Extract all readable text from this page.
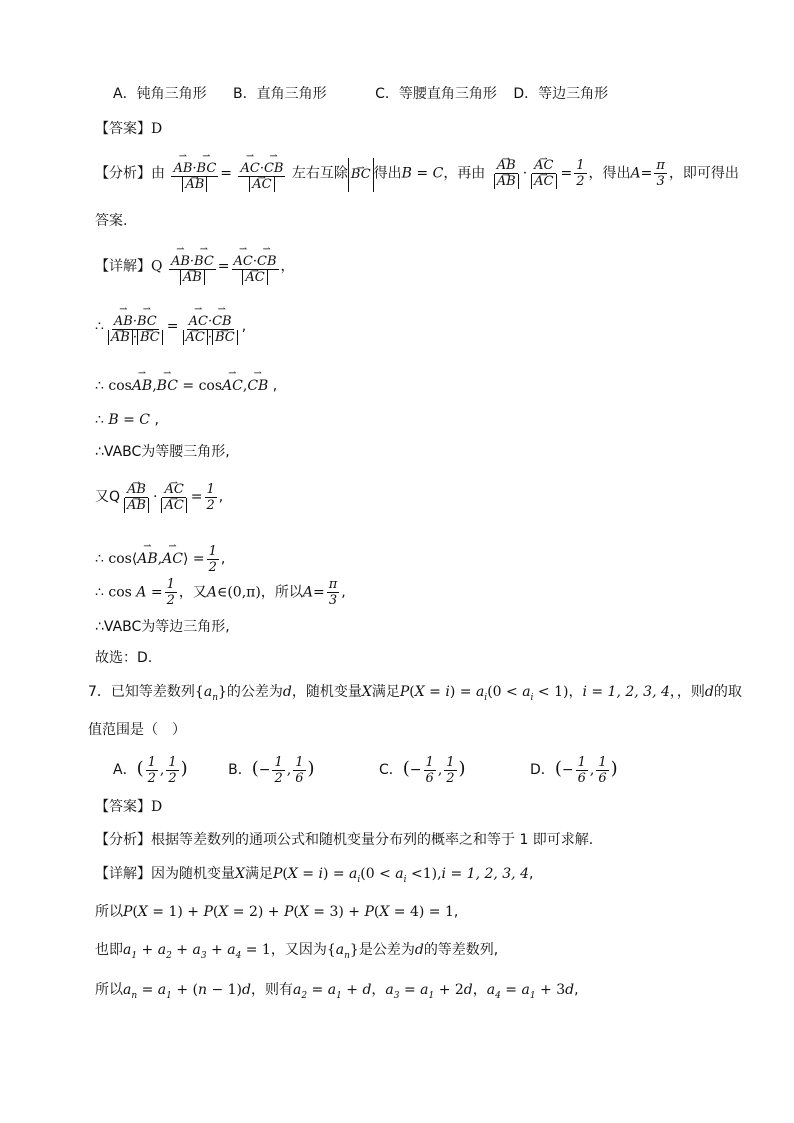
A．钝角三角形 B．直角三角形	C．等腰直角三角形 D．等边三角形
【答案】D
【分析】由 ⇀ AB·⇀ BC
⇀ AB = ⇀ AC·⇀ CB
⇀ AC 左右互除 ⇀ BC 得出B = C，再由 ⇀ AB
⇀ AB · ⇀ AC
⇀ AC = $\frac{1}{2}$ ，得出$A= \frac{\pi}{3}$ ，即可得出
答案.
【详解】Q ⇀ AB·⇀ BC
⇀ AB = ⇀ AC·⇀ CB
⇀ AC ，
∴ ⇀ AB·⇀ BC
⇀ AB · ⇀ BC = ⇀ AC·⇀ CB
⇀ AC · ⇀ BC ,
∴ cos⇀ AB,⇀ BC = cos⇀ AC,⇀ CB ,
∴ B = C ,
∴VABC为等腰三角形,
又Q ⇀ AB
⇀ AB · ⇀ AC
⇀ AC = $\frac{1}{2}$ ,
∴ cos⟨⇀ AB,⇀ AC⟩ = $\frac{1}{2}$ ,
∴ $\cos A = \frac{1}{2}$ ，又A∈(0,π)，所以$A= \frac{\pi}{3}$ ,
∴VABC为等边三角形,
故选：D.
7．已知等差数列$\{a_n\}$的公差为d，随机变量X满足$P(X = i) = a_i(0 < a_i < 1)$，i = 1, 2, 3, 4，，则d的取
值范围是（　）
A．( $\frac{1}{2}$ , $\frac{1}{2}$ )	B．(− $\frac{1}{2}$ , $\frac{1}{6}$ )	C．(− $\frac{1}{6}$ , $\frac{1}{2}$ )	D．(− $\frac{1}{6}$ , $\frac{1}{6}$ )
【答案】D
【分析】根据等差数列的通项公式和随机变量分布列的概率之和等于 1 即可求解.
【详解】因为随机变量X满足$P(X = i) = a_i(0 < a_i <1),i = 1$, 2, 3, 4,
所以P(X = 1) + P(X = 2) + P(X = 3) + P(X = 4) = 1,
也即$a_1 + a_2 + a_3 + a_4 = 1$，又因为$\{a_n\}$是公差为d的等差数列,
所以$a_n = a_1 + (n - 1)d$，则有$a_2 = a_1 + d$，$a_3 = a_1 + 2d$，$a_4 = a_1 + 3d$,
